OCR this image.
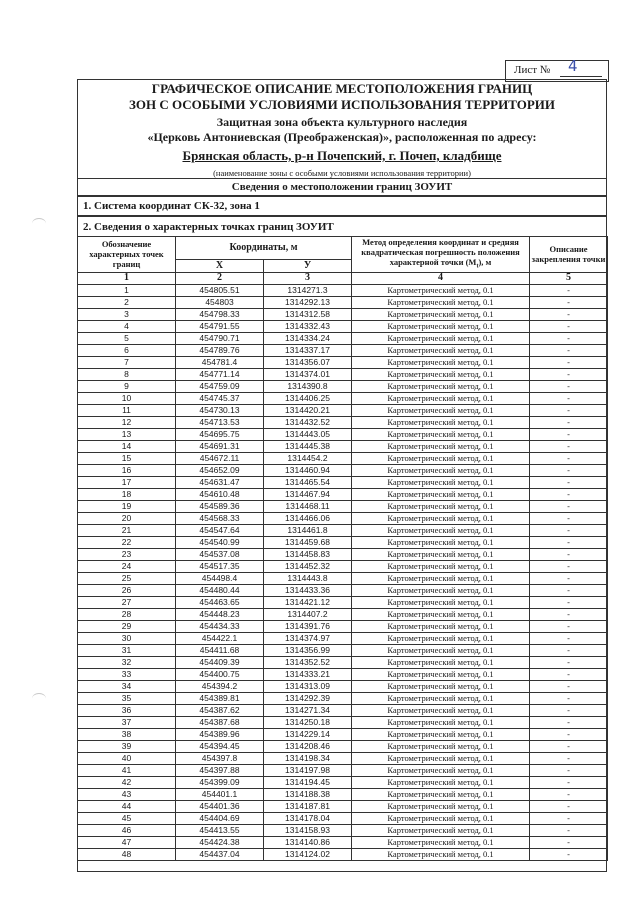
Лист № 4
ГРАФИЧЕСКОЕ ОПИСАНИЕ МЕСТОПОЛОЖЕНИЯ ГРАНИЦ
ЗОН С ОСОБЫМИ УСЛОВИЯМИ ИСПОЛЬЗОВАНИЯ ТЕРРИТОРИИ
Защитная зона объекта культурного наследия
«Церковь Антониевская (Преображенская)», расположенная по адресу:
Брянская область, р-н Почепский, г. Почеп, кладбище
(наименование зоны с особыми условиями использования территории)
Сведения о местоположении границ ЗОУИТ
1. Система координат СК-32, зона 1
2. Сведения о характерных точках границ ЗОУИТ
Обозначение характерных точек границ	Координаты, м		Метод определения координат и средняя квадратическая погрешность положения характерной точки $(М_t)$, м	Описание закрепления точки
	X	У		
1	2	3	4	5
1	454805.51	1314271.3	Картометрический метод, 0.1	-
2	454803	1314292.13	Картометрический метод, 0.1	-
3	454798.33	1314312.58	Картометрический метод, 0.1	-
4	454791.55	1314332.43	Картометрический метод, 0.1	-
5	454790.71	1314334.24	Картометрический метод, 0.1	-
6	454789.76	1314337.17	Картометрический метод, 0.1	-
7	454781.4	1314356.07	Картометрический метод, 0.1	-
8	454771.14	1314374.01	Картометрический метод, 0.1	-
9	454759.09	1314390.8	Картометрический метод, 0.1	-
10	454745.37	1314406.25	Картометрический метод, 0.1	-
11	454730.13	1314420.21	Картометрический метод, 0.1	-
12	454713.53	1314432.52	Картометрический метод, 0.1	-
13	454695.75	1314443.05	Картометрический метод, 0.1	-
14	454691.31	1314445.38	Картометрический метод, 0.1	-
15	454672.11	1314454.2	Картометрический метод, 0.1	-
16	454652.09	1314460.94	Картометрический метод, 0.1	-
17	454631.47	1314465.54	Картометрический метод, 0.1	-
18	454610.48	1314467.94	Картометрический метод, 0.1	-
19	454589.36	1314468.11	Картометрический метод, 0.1	-
20	454568.33	1314466.06	Картометрический метод, 0.1	-
21	454547.64	1314461.8	Картометрический метод, 0.1	-
22	454540.99	1314459.68	Картометрический метод, 0.1	-
23	454537.08	1314458.83	Картометрический метод, 0.1	-
24	454517.35	1314452.32	Картометрический метод, 0.1	-
25	454498.4	1314443.8	Картометрический метод, 0.1	-
26	454480.44	1314433.36	Картометрический метод, 0.1	-
27	454463.65	1314421.12	Картометрический метод, 0.1	-
28	454448.23	1314407.2	Картометрический метод, 0.1	-
29	454434.33	1314391.76	Картометрический метод, 0.1	-
30	454422.1	1314374.97	Картометрический метод, 0.1	-
31	454411.68	1314356.99	Картометрический метод, 0.1	-
32	454409.39	1314352.52	Картометрический метод, 0.1	-
33	454400.75	1314333.21	Картометрический метод, 0.1	-
34	454394.2	1314313.09	Картометрический метод, 0.1	-
35	454389.81	1314292.39	Картометрический метод, 0.1	-
36	454387.62	1314271.34	Картометрический метод, 0.1	-
37	454387.68	1314250.18	Картометрический метод, 0.1	-
38	454389.96	1314229.14	Картометрический метод, 0.1	-
39	454394.45	1314208.46	Картометрический метод, 0.1	-
40	454397.8	1314198.34	Картометрический метод, 0.1	-
41	454397.88	1314197.98	Картометрический метод, 0.1	-
42	454399.09	1314194.45	Картометрический метод, 0.1	-
43	454401.1	1314188.38	Картометрический метод, 0.1	-
44	454401.36	1314187.81	Картометрический метод, 0.1	-
45	454404.69	1314178.04	Картометрический метод, 0.1	-
46	454413.55	1314158.93	Картометрический метод, 0.1	-
47	454424.38	1314140.86	Картометрический метод, 0.1	-
48	454437.04	1314124.02	Картометрический метод, 0.1	-
